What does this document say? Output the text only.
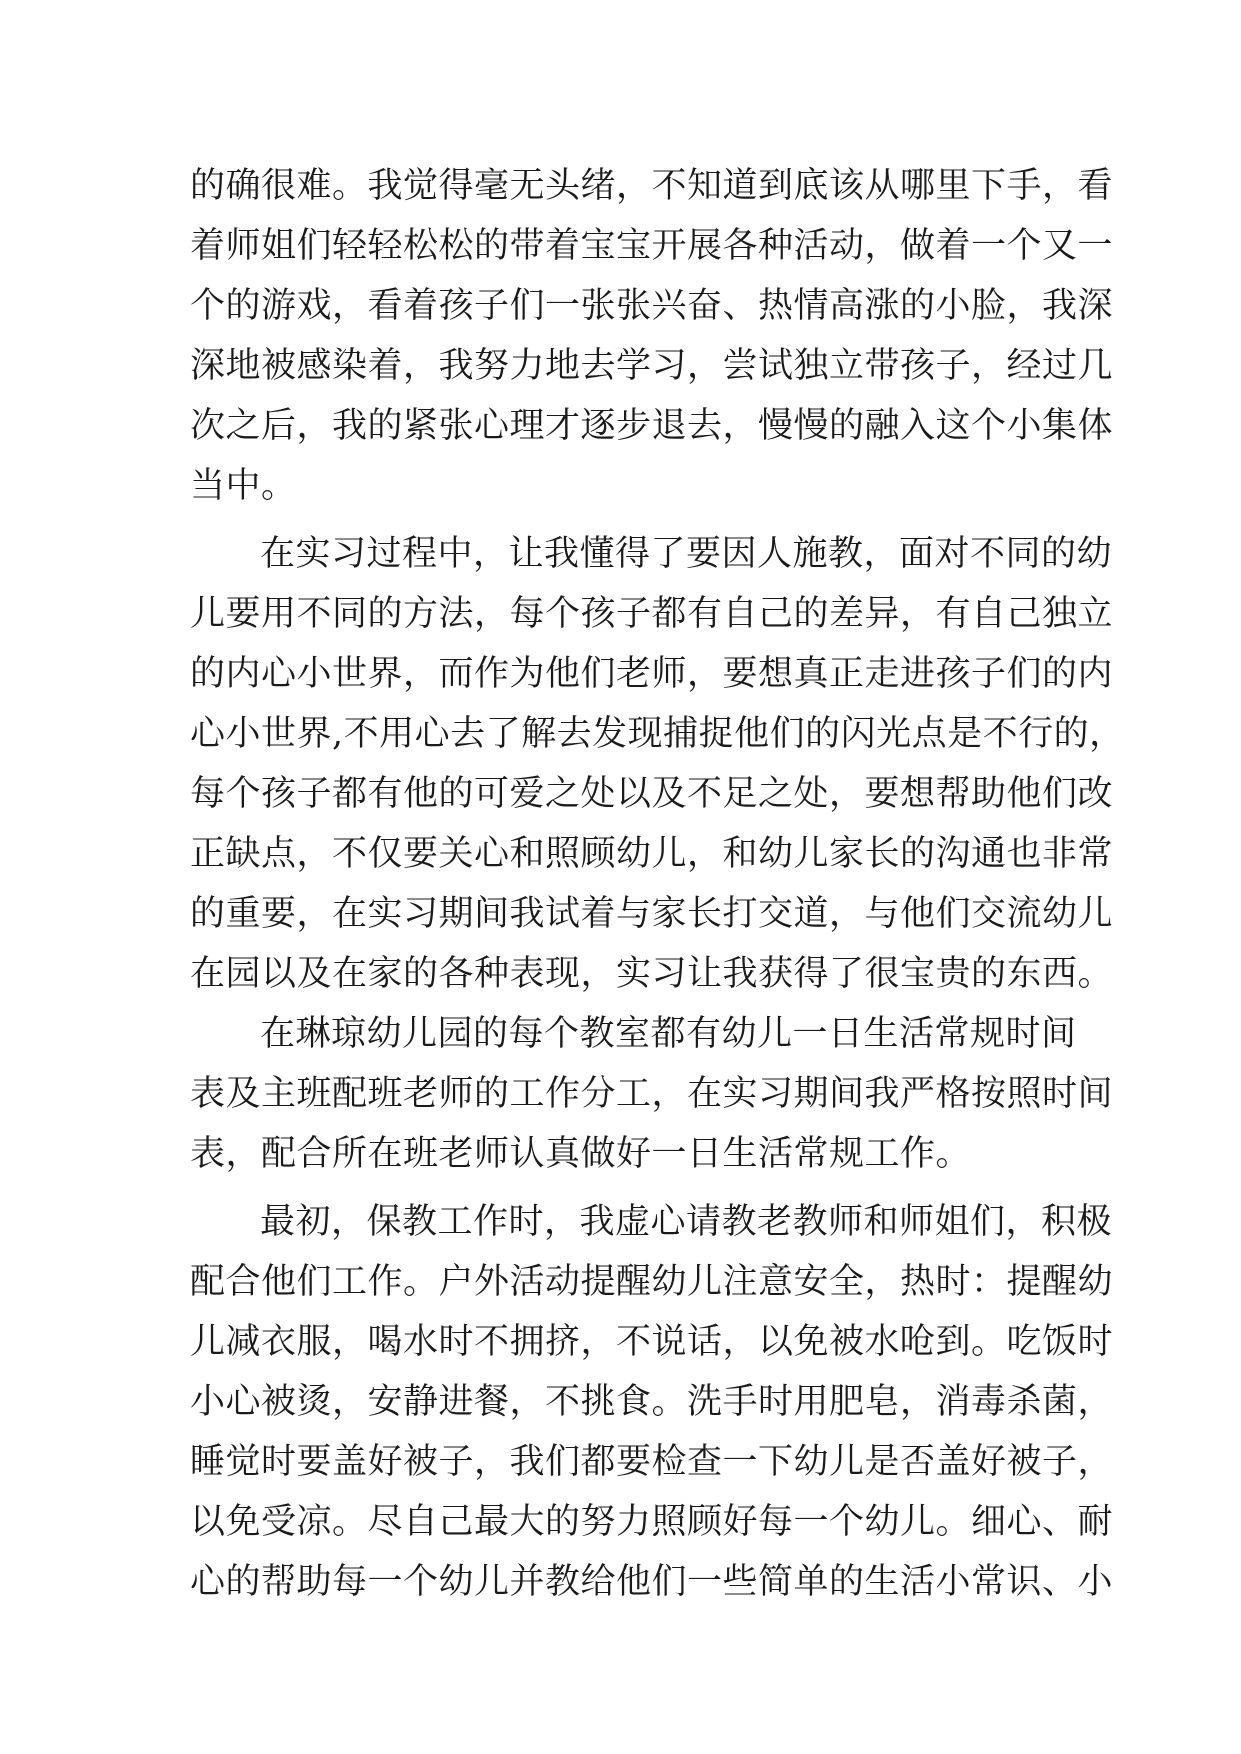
的确很难。我觉得毫无头绪，不知道到底该从哪里下手，看
着师姐们轻轻松松的带着宝宝开展各种活动，做着一个又一
个的游戏，看着孩子们一张张兴奋、热情高涨的小脸，我深
深地被感染着，我努力地去学习，尝试独立带孩子，经过几
次之后，我的紧张心理才逐步退去，慢慢的融入这个小集体
当中。
在实习过程中，让我懂得了要因人施教，面对不同的幼
儿要用不同的方法，每个孩子都有自己的差异，有自己独立
的内心小世界，而作为他们老师，要想真正走进孩子们的内
心小世界,不用心去了解去发现捕捉他们的闪光点是不行的，
每个孩子都有他的可爱之处以及不足之处，要想帮助他们改
正缺点，不仅要关心和照顾幼儿，和幼儿家长的沟通也非常
的重要，在实习期间我试着与家长打交道，与他们交流幼儿
在园以及在家的各种表现，实习让我获得了很宝贵的东西。
在琳琼幼儿园的每个教室都有幼儿一日生活常规时间
表及主班配班老师的工作分工，在实习期间我严格按照时间
表，配合所在班老师认真做好一日生活常规工作。
最初，保教工作时，我虚心请教老教师和师姐们，积极
配合他们工作。户外活动提醒幼儿注意安全，热时：提醒幼
儿减衣服，喝水时不拥挤，不说话，以免被水呛到。吃饭时
小心被烫，安静进餐，不挑食。洗手时用肥皂，消毒杀菌，
睡觉时要盖好被子，我们都要检查一下幼儿是否盖好被子，
以免受凉。尽自己最大的努力照顾好每一个幼儿。细心、耐
心的帮助每一个幼儿并教给他们一些简单的生活小常识、小
